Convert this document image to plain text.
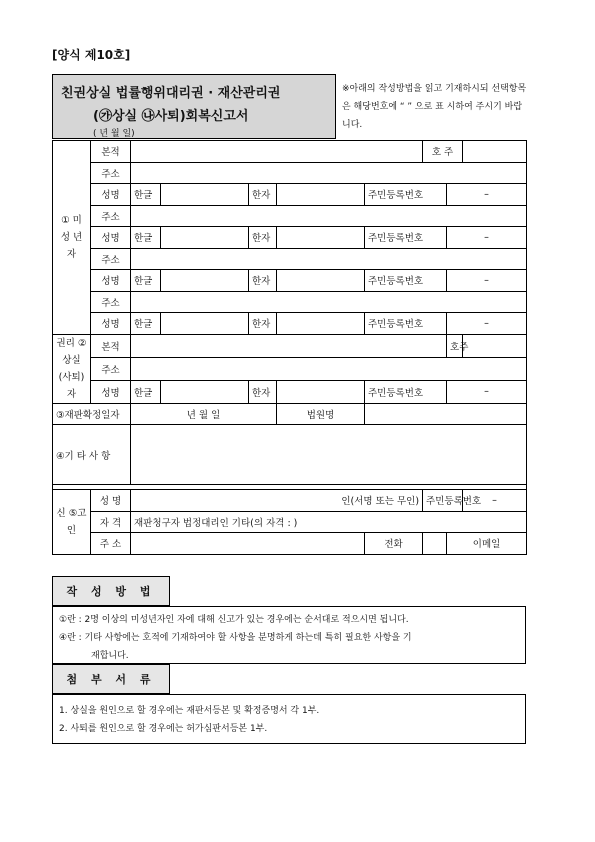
[양식 제10호]
친권상실 법률행위대리권 · 재산관리권
(㉮상실 ㉯사퇴)회복신고서
( 년 월 일)
※아래의 작성방법을 읽고 기재하시되 선택항목은 해당번호에 “ ” 으로 표 시하여 주시기 바랍니다.
① 미 성 년 자	본적						호 주			
	주소									
	성명	한글		한자		주민등록번호		–		
	주소									
	성명	한글		한자		주민등록번호		–		
	주소									
	성명	한글		한자		주민등록번호		–		
	주소									
	성명	한글		한자		주민등록번호		–		
권리 ②상실 (사퇴) 자	본적							호주		
	주소									
	성명	한글		한자		주민등록번호		–		
③재판확정일자		년 월 일			법원명					
④기 타 사 항										

신 ⑤고 인	성 명	인(서명 또는 무인)					주민등록번호		–	
	자 격	재판청구자 법정대리인 기타(의 자격 : )								
	주 소					전화		이메일		
작 성 방 법
①란 : 2명 이상의 미성년자인 자에 대해 신고가 있는 경우에는 순서대로 적으시면 됩니다.
④란 : 기타 사항에는 호적에 기재하여야 할 사항을 분명하게 하는데 특히 필요한 사항을 기
재합니다.
첨 부 서 류
1. 상실을 원인으로 할 경우에는 재판서등본 및 확정증명서 각 1부.
2. 사퇴를 원인으로 할 경우에는 허가심판서등본 1부.
